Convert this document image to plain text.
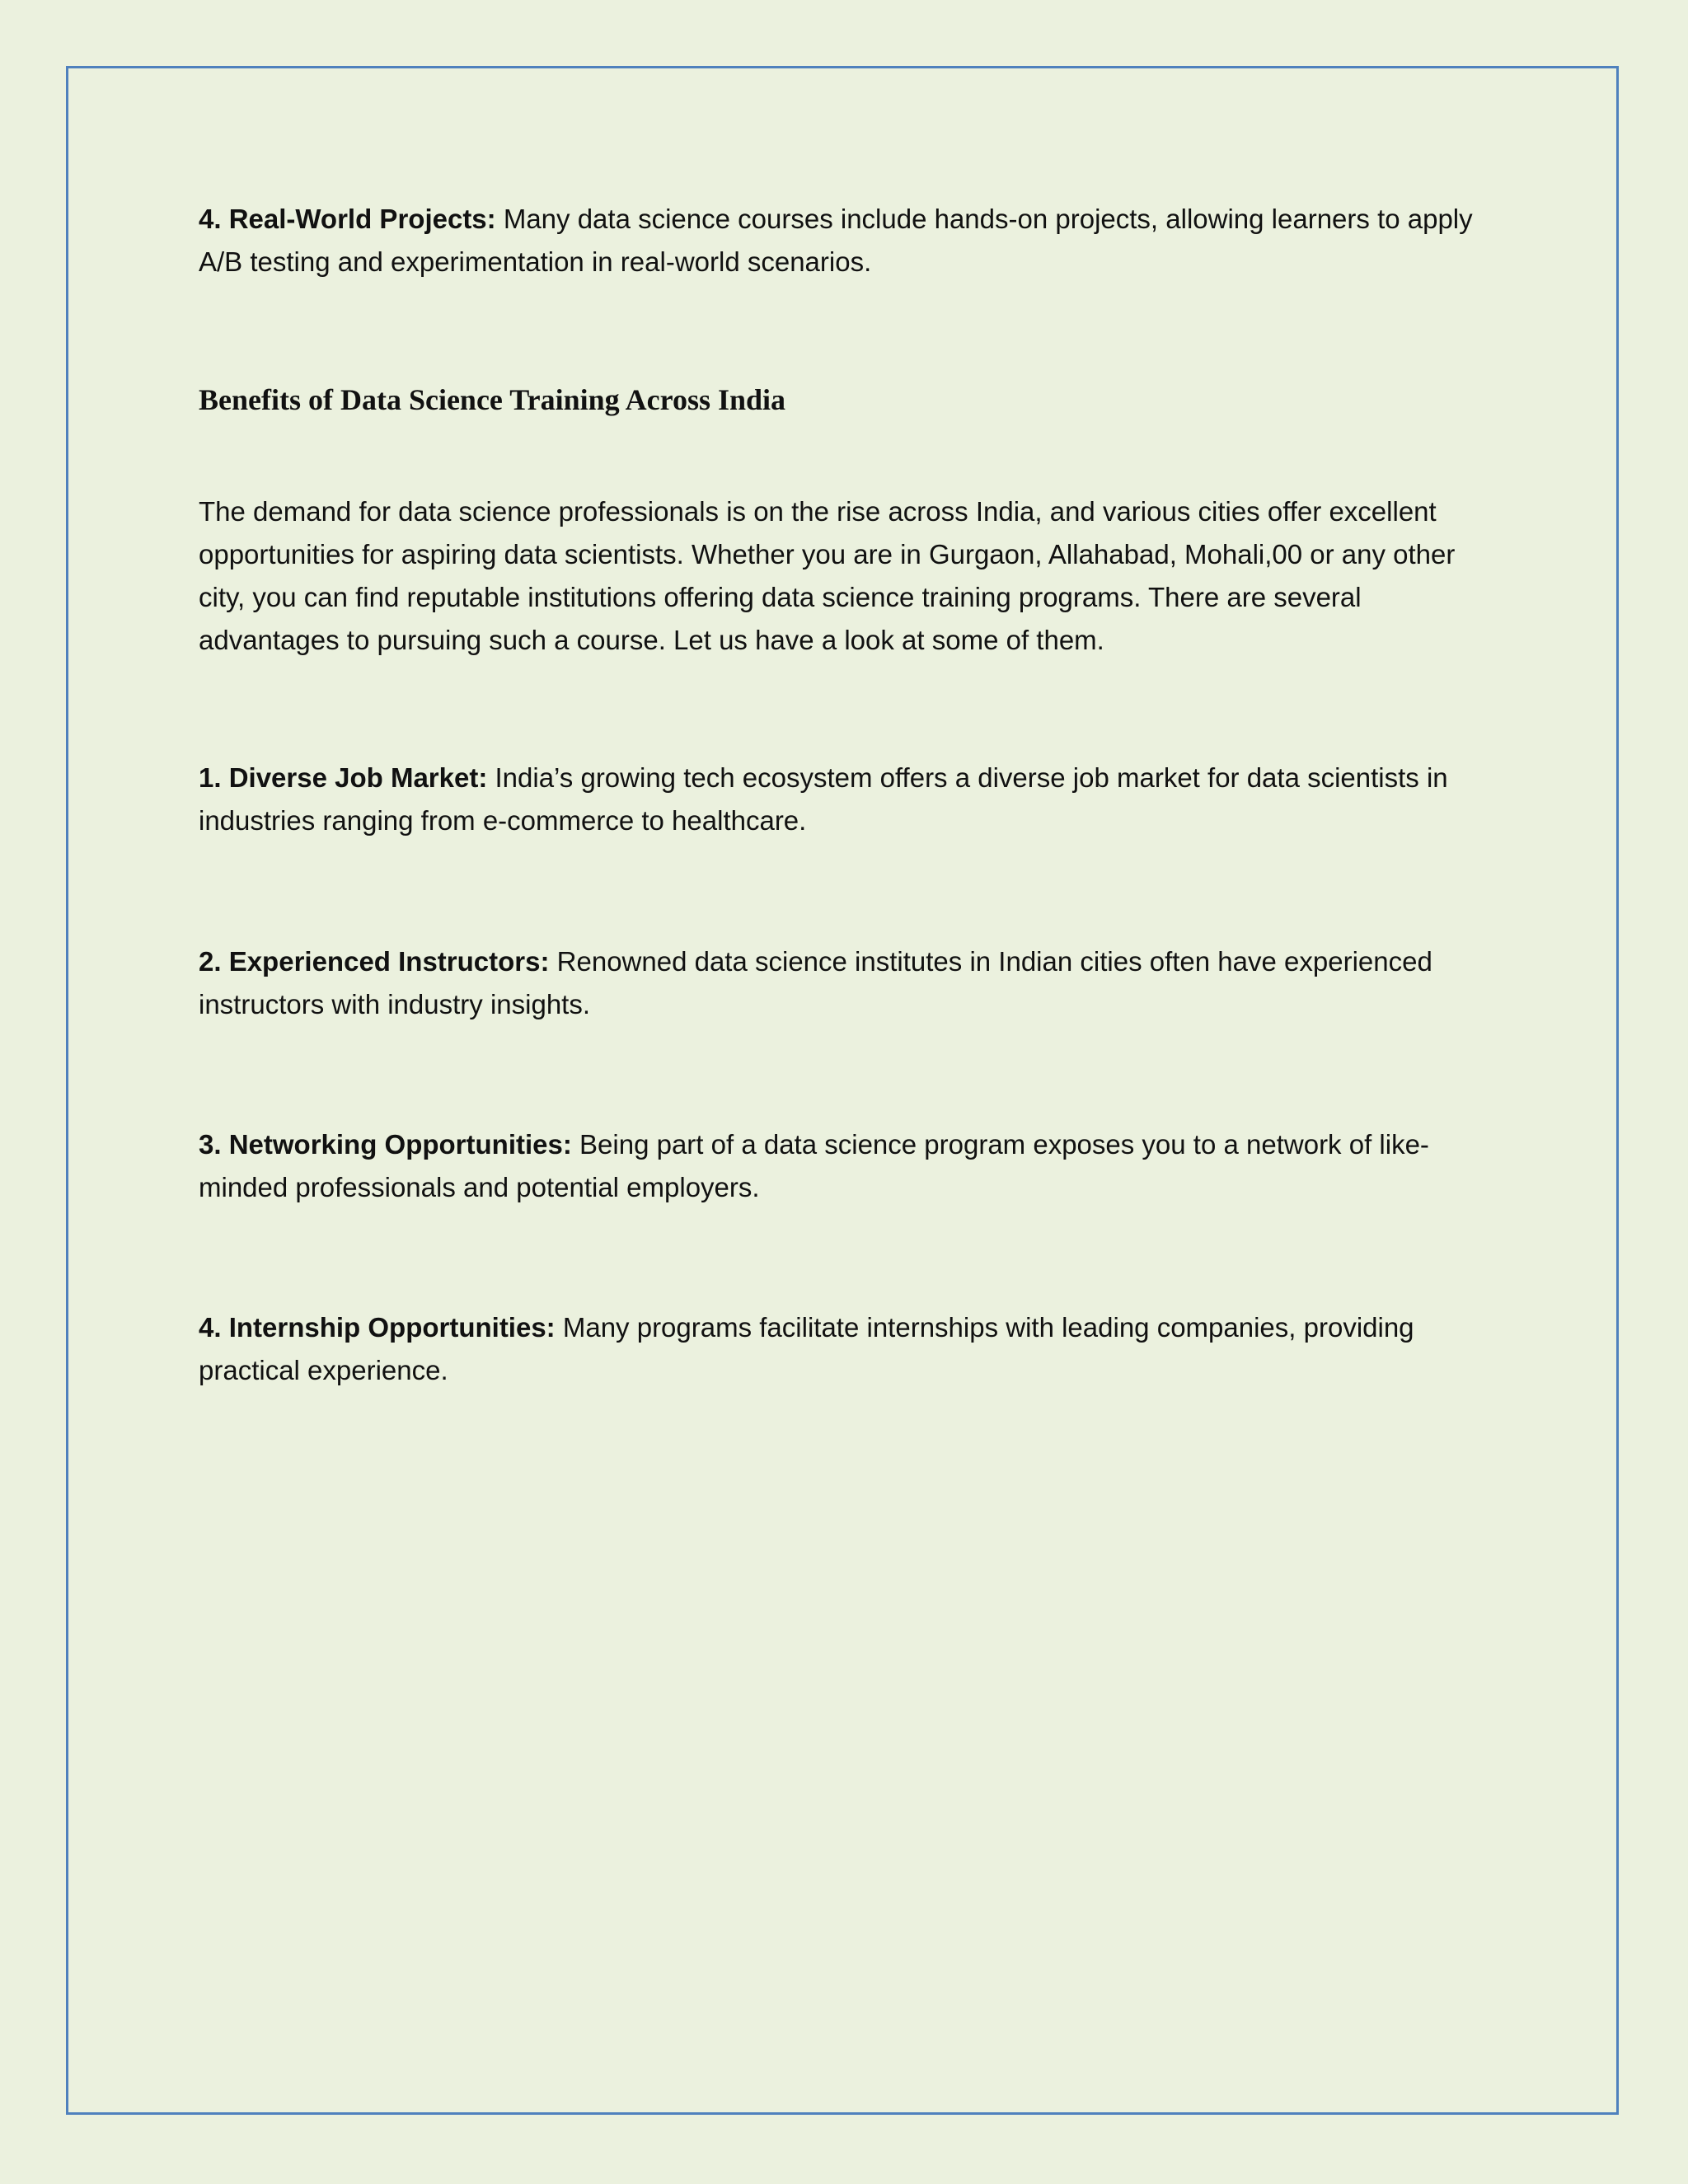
4. Real-World Projects: Many data science courses include hands-on projects, allowing learners to apply A/B testing and experimentation in real-world scenarios.

Benefits of Data Science Training Across India

The demand for data science professionals is on the rise across India, and various cities offer excellent opportunities for aspiring data scientists. Whether you are in Gurgaon, Allahabad, Mohali,00 or any other city, you can find reputable institutions offering data science training programs. There are several advantages to pursuing such a course. Let us have a look at some of them.

1. Diverse Job Market: India’s growing tech ecosystem offers a diverse job market for data scientists in industries ranging from e-commerce to healthcare.

2. Experienced Instructors: Renowned data science institutes in Indian cities often have experienced instructors with industry insights.

3. Networking Opportunities: Being part of a data science program exposes you to a network of like-minded professionals and potential employers.

4. Internship Opportunities: Many programs facilitate internships with leading companies, providing practical experience.
